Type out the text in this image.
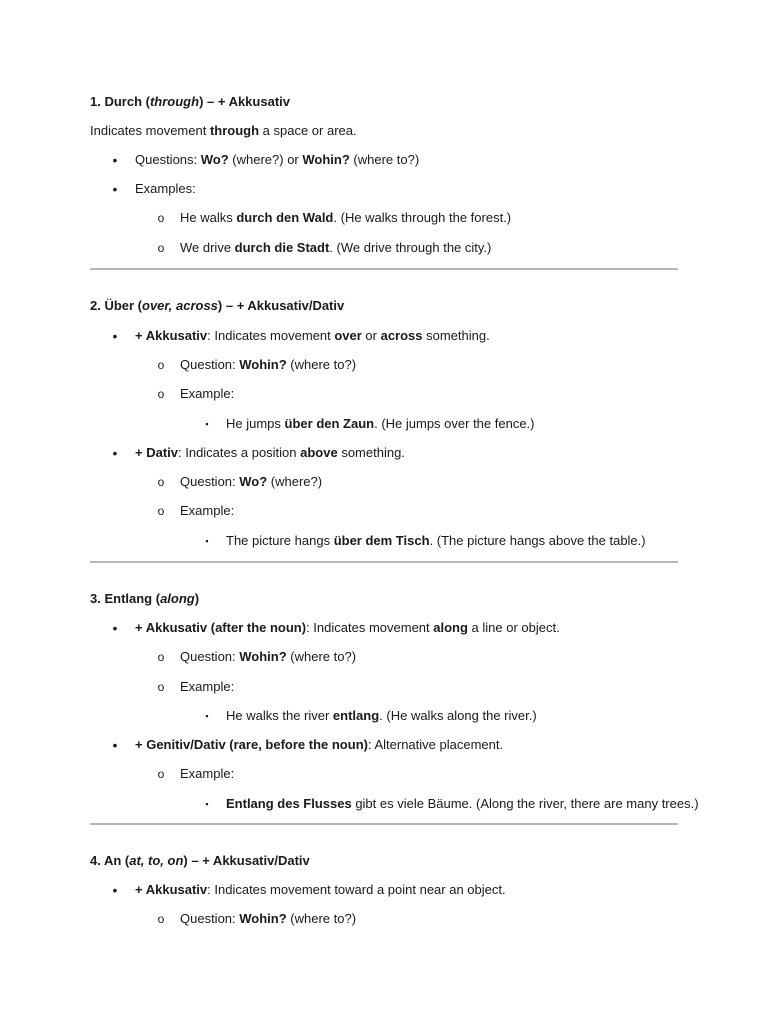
1. Durch (through) – + Akkusativ
Indicates movement through a space or area.
•	Questions: Wo? (where?) or Wohin? (where to?)
•	Examples:
o	He walks durch den Wald. (He walks through the forest.)
o	We drive durch die Stadt. (We drive through the city.)
2. Über (over, across) – + Akkusativ/Dativ
•	+ Akkusativ: Indicates movement over or across something.
o	Question: Wohin? (where to?)
o	Example:
▪	He jumps über den Zaun. (He jumps over the fence.)
•	+ Dativ: Indicates a position above something.
o	Question: Wo? (where?)
o	Example:
▪	The picture hangs über dem Tisch. (The picture hangs above the table.)
3. Entlang (along)
•	+ Akkusativ (after the noun): Indicates movement along a line or object.
o	Question: Wohin? (where to?)
o	Example:
▪	He walks the river entlang. (He walks along the river.)
•	+ Genitiv/Dativ (rare, before the noun): Alternative placement.
o	Example:
▪	Entlang des Flusses gibt es viele Bäume. (Along the river, there are many trees.)
4. An (at, to, on) – + Akkusativ/Dativ
•	+ Akkusativ: Indicates movement toward a point near an object.
o	Question: Wohin? (where to?)
